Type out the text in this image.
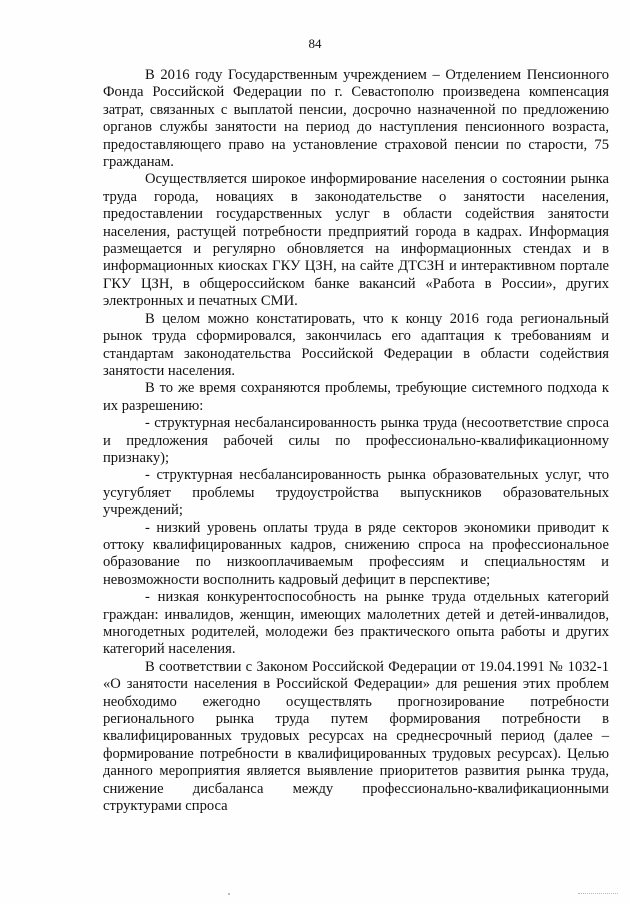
84

В 2016 году Государственным учреждением – Отделением Пенсионного Фонда Российской Федерации по г. Севастополю произведена компенсация затрат, связанных с выплатой пенсии, досрочно назначенной по предложению органов службы занятости на период до наступления пенсионного возраста, предоставляющего право на установление страховой пенсии по старости, 75 гражданам.

Осуществляется широкое информирование населения о состоянии рынка труда города, новациях в законодательстве о занятости населения, предоставлении государственных услуг в области содействия занятости населения, растущей потребности предприятий города в кадрах. Информация размещается и регулярно обновляется на информационных стендах и в информационных киосках ГКУ ЦЗН, на сайте ДТСЗН и интерактивном портале ГКУ ЦЗН, в общероссийском банке вакансий «Работа в России», других электронных и печатных СМИ.

В целом можно констатировать, что к концу 2016 года региональный рынок труда сформировался, закончилась его адаптация к требованиям и стандартам законодательства Российской Федерации в области содействия занятости населения.

В то же время сохраняются проблемы, требующие системного подхода к их разрешению:

- структурная несбалансированность рынка труда (несоответствие спроса и предложения рабочей силы по профессионально-квалификационному признаку);

- структурная несбалансированность рынка образовательных услуг, что усугубляет проблемы трудоустройства выпускников образовательных учреждений;

- низкий уровень оплаты труда в ряде секторов экономики приводит к оттоку квалифицированных кадров, снижению спроса на профессиональное образование по низкооплачиваемым профессиям и специальностям и невозможности восполнить кадровый дефицит в перспективе;

- низкая конкурентоспособность на рынке труда отдельных категорий граждан: инвалидов, женщин, имеющих малолетних детей и детей-инвалидов, многодетных родителей, молодежи без практического опыта работы и других категорий населения.

В соответствии с Законом Российской Федерации от 19.04.1991 № 1032-1 «О занятости населения в Российской Федерации» для решения этих проблем необходимо ежегодно осуществлять прогнозирование потребности регионального рынка труда путем формирования потребности в квалифицированных трудовых ресурсах на среднесрочный период (далее – формирование потребности в квалифицированных трудовых ресурсах). Целью данного мероприятия является выявление приоритетов развития рынка труда, снижение дисбаланса между профессионально-квалификационными структурами спроса
